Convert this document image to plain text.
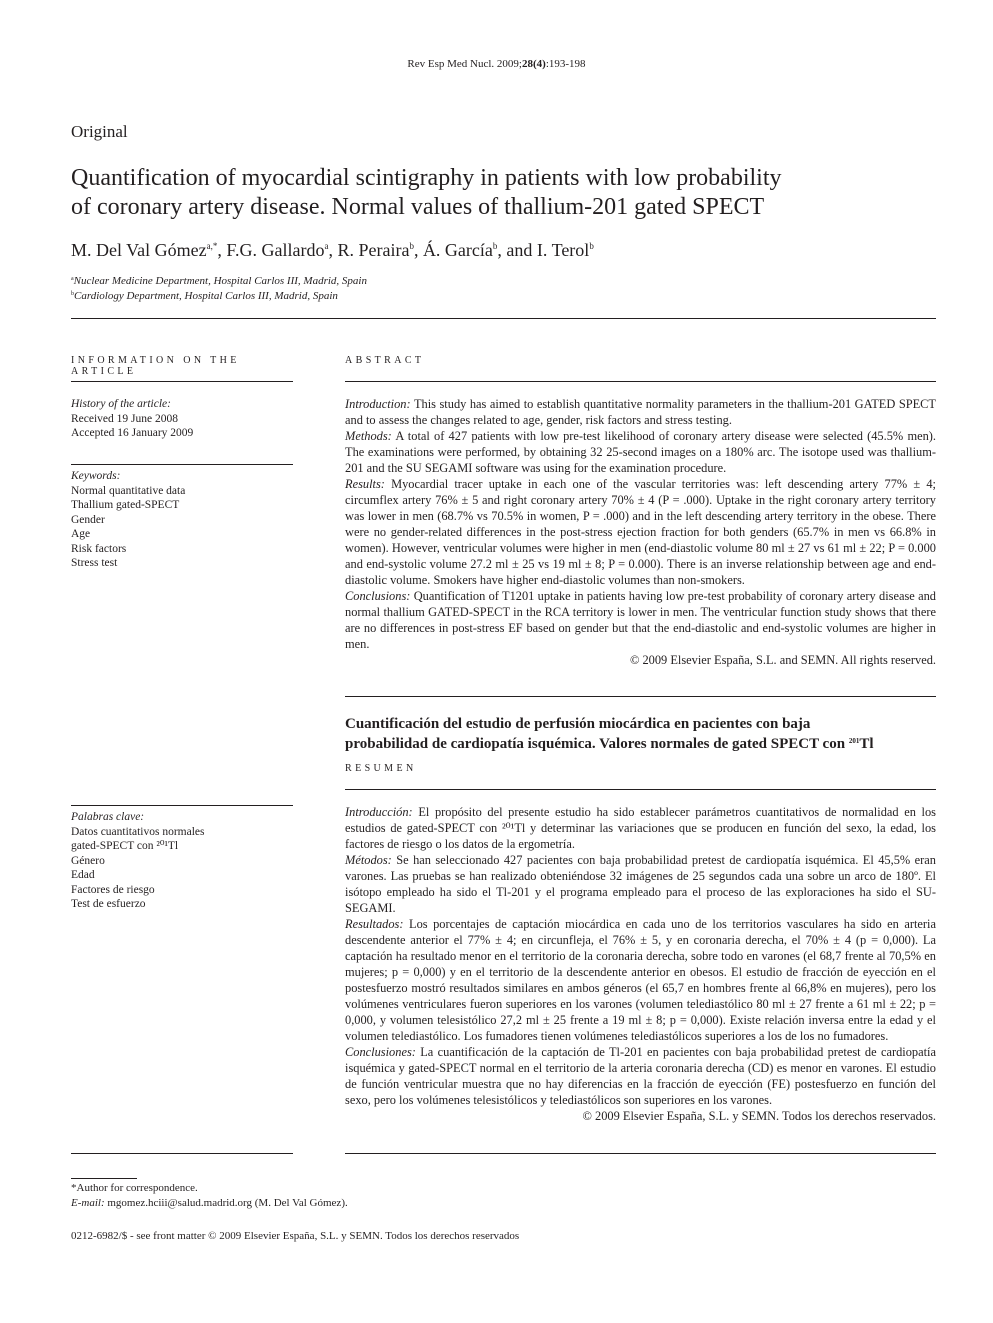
Rev Esp Med Nucl. 2009;28(4):193-198
Original
Quantification of myocardial scintigraphy in patients with low probability
of coronary artery disease. Normal values of thallium-201 gated SPECT
M. Del Val Gómez$^{a,*}$, F.G. Gallardo$^a$, R. Peraira$^b$, Á. García$^b$, and I. Terol$^b$
$^a$Nuclear Medicine Department, Hospital Carlos III, Madrid, Spain
$^b$Cardiology Department, Hospital Carlos III, Madrid, Spain
INFORMATION ON THE ARTICLE
History of the article:
Received 19 June 2008
Accepted 16 January 2009
Keywords:
Normal quantitative data
Thallium gated-SPECT
Gender
Age
Risk factors
Stress test
Palabras clave:
Datos cuantitativos normales
gated-SPECT con ²⁰¹Tl
Género
Edad
Factores de riesgo
Test de esfuerzo
ABSTRACT
Introduction: This study has aimed to establish quantitative normality parameters in the thallium-201 GATED SPECT and to assess the changes related to age, gender, risk factors and stress testing.
Methods: A total of 427 patients with low pre-test likelihood of coronary artery disease were selected (45.5% men). The examinations were performed, by obtaining 32 25-second images on a 180% arc. The isotope used was thallium-201 and the SU SEGAMI software was using for the examination procedure.
Results: Myocardial tracer uptake in each one of the vascular territories was: left descending artery 77% ± 4; circumflex artery 76% ± 5 and right coronary artery 70% ± 4 (P = .000). Uptake in the right coronary artery territory was lower in men (68.7% vs 70.5% in women, P = .000) and in the left descending artery territory in the obese. There were no gender-related differences in the post-stress ejection fraction for both genders (65.7% in men vs 66.8% in women). However, ventricular volumes were higher in men (end-diastolic volume 80 ml ± 27 vs 61 ml ± 22; P = 0.000 and end-systolic volume 27.2 ml ± 25 vs 19 ml ± 8; P = 0.000). There is an inverse relationship between age and end-diastolic volume. Smokers have higher end-diastolic volumes than non-smokers.
Conclusions: Quantification of T1201 uptake in patients having low pre-test probability of coronary artery disease and normal thallium GATED-SPECT in the RCA territory is lower in men. The ventricular function study shows that there are no differences in post-stress EF based on gender but that the end-diastolic and end-systolic volumes are higher in men.
© 2009 Elsevier España, S.L. and SEMN. All rights reserved.
Cuantificación del estudio de perfusión miocárdica en pacientes con baja
probabilidad de cardiopatía isquémica. Valores normales de gated SPECT con $^{201}$Tl
RESUMEN
Introducción: El propósito del presente estudio ha sido establecer parámetros cuantitativos de normalidad en los estudios de gated-SPECT con ²⁰¹Tl y determinar las variaciones que se producen en función del sexo, la edad, los factores de riesgo o los datos de la ergometría.
Métodos: Se han seleccionado 427 pacientes con baja probabilidad pretest de cardiopatía isquémica. El 45,5% eran varones. Las pruebas se han realizado obteniéndose 32 imágenes de 25 segundos cada una sobre un arco de 180º. El isótopo empleado ha sido el Tl-201 y el programa empleado para el proceso de las exploraciones ha sido el SU-SEGAMI.
Resultados: Los porcentajes de captación miocárdica en cada uno de los territorios vasculares ha sido en arteria descendente anterior el 77% ± 4; en circunfleja, el 76% ± 5, y en coronaria derecha, el 70% ± 4 (p = 0,000). La captación ha resultado menor en el territorio de la coronaria derecha, sobre todo en varones (el 68,7 frente al 70,5% en mujeres; p = 0,000) y en el territorio de la descendente anterior en obesos. El estudio de fracción de eyección en el postesfuerzo mostró resultados similares en ambos géneros (el 65,7 en hombres frente al 66,8% en mujeres), pero los volúmenes ventriculares fueron superiores en los varones (volumen telediastólico 80 ml ± 27 frente a 61 ml ± 22; p = 0,000, y volumen telesistólico 27,2 ml ± 25 frente a 19 ml ± 8; p = 0,000). Existe relación inversa entre la edad y el volumen telediastólico. Los fumadores tienen volúmenes telediastólicos superiores a los de los no fumadores.
Conclusiones: La cuantificación de la captación de Tl-201 en pacientes con baja probabilidad pretest de cardiopatía isquémica y gated-SPECT normal en el territorio de la arteria coronaria derecha (CD) es menor en varones. El estudio de función ventricular muestra que no hay diferencias en la fracción de eyección (FE) postesfuerzo en función del sexo, pero los volúmenes telesistólicos y telediastólicos son superiores en los varones.
© 2009 Elsevier España, S.L. y SEMN. Todos los derechos reservados.
*Author for correspondence.
E-mail: mgomez.hciii@salud.madrid.org (M. Del Val Gómez).
0212-6982/$ - see front matter © 2009 Elsevier España, S.L. y SEMN. Todos los derechos reservados
